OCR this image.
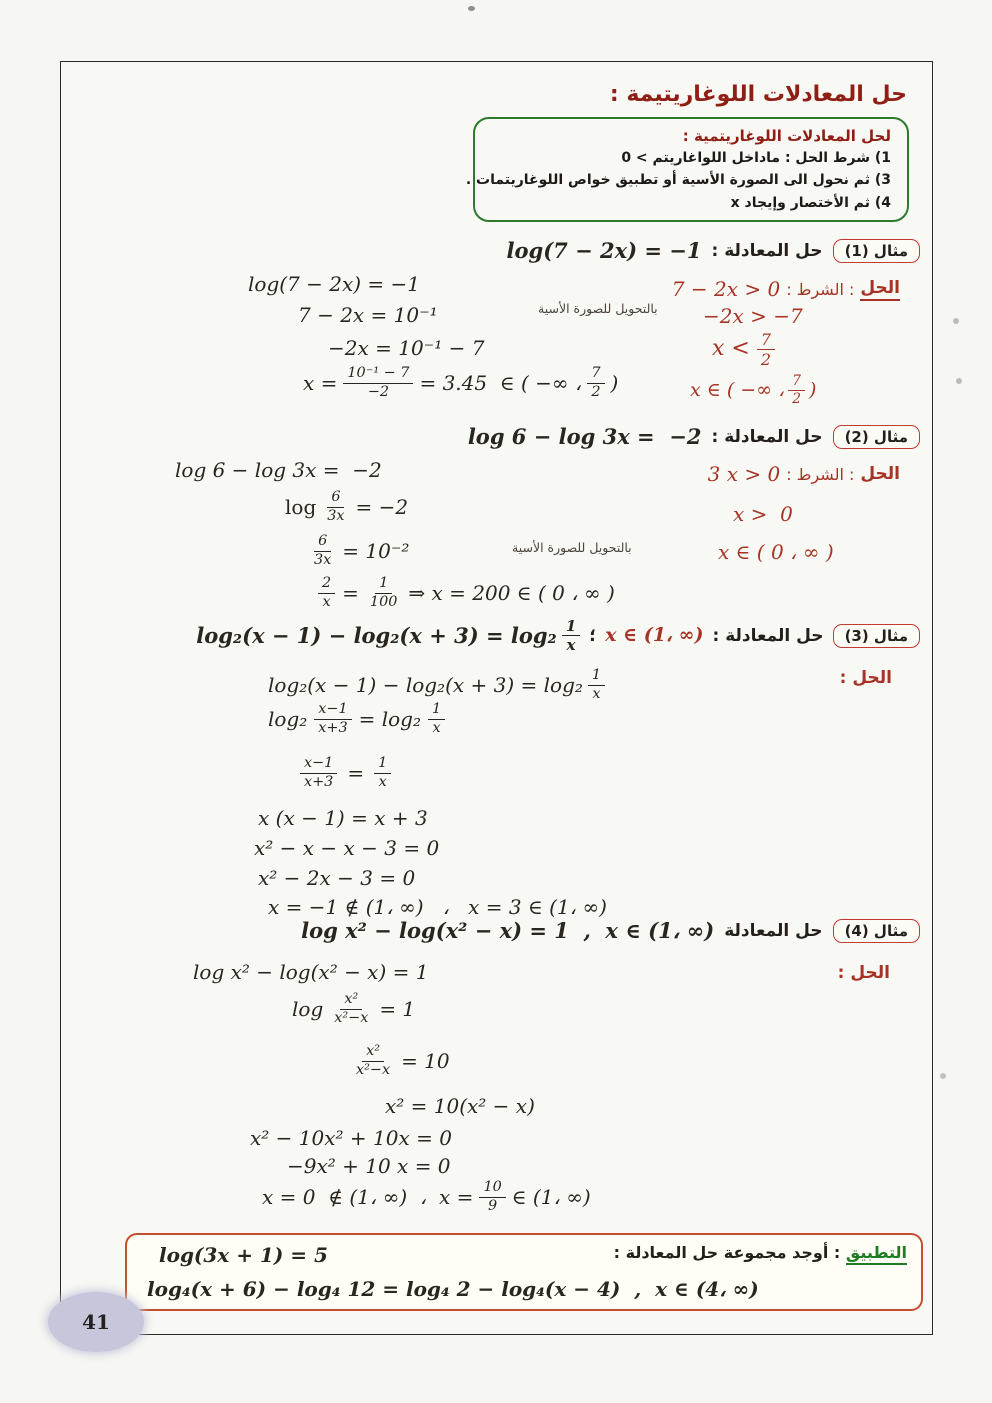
حل المعادلات اللوغاريتيمة :
لحل المعادلات اللوغاريتمية :
1) شرط الحل : ماداخل اللواغاريتم > 0
3) ثم نحول الى الصورة الأسية أو تطبيق خواص اللوغاريتمات .
4) ثم الأختصار وإيجاد x
مثال (1)
حل المعادلة :
log(7 − 2x) = −1
الحل
: الشرط :
7 − 2x > 0
−2x > −7
$x < \frac{7}{2}$
x ∈ ( −∞ ،‎ $\frac{7}{2}$ )
log(7 − 2x) = −1
7 − 2x = 10⁻¹	بالتحويل للصورة الأسية
−2x = 10⁻¹ − 7
$x = \frac{\text{10⁻¹ − 7}}{-2} = 3.45$  ∈ ( −∞ ،‎ $\frac{7}{2}$ )
مثال (2)
حل المعادلة :
log 6 − log 3x =  −2
الحل
: الشرط :
3 x > 0
x >  0
x ∈ ( 0 ،‎ ∞ )
log 6 − log 3x =  −2
$\log \frac{6}{3x} = -2$
$\frac{6}{3x} = 10^{-2}$	بالتحويل للصورة الأسية
$\frac{2}{x} = \frac{1}{100}$ ⇒ x = 200 ∈ ( 0 ،‎ ∞ )
مثال (3)
حل المعادلة :
x ∈ (1،‎ ∞)
؛
$\log_2(x - 1) - \log_2(x + 3) = \log_2 \frac{1}{x}$
الحل :
$\log_2(x - 1) - \log_2(x + 3) = \log_2 \frac{1}{x}$
$\log_2 \frac{x-1}{x+3} = \log_2 \frac{1}{x}$
$\frac{x-1}{x+3} = \frac{1}{x}$
x (x − 1) = x + 3
x² − x − x − 3 = 0
x² − 2x − 3 = 0
x = −1 ∉ (1،‎ ∞)   ،‎   x = 3 ∈ (1،‎ ∞)
مثال (4)
حل المعادلة
log x² − log(x² − x) = 1  ,  x ∈ (1،‎ ∞)
الحل :
log x² − log(x² − x) = 1
$\log \frac{\text{x²}}{\text{x²−x}} = 1$
$\frac{\text{x²}}{\text{x²−x}} = 10$
x² = 10(x² − x)
x² − 10x² + 10x = 0
−9x² + 10 x = 0
x = 0  ∉ (1،‎ ∞)  ،‎  $x = \frac{10}{9}$ ∈ (1،‎ ∞)
التطبيق : أوجد مجموعة حل المعادلة :
log(3x + 1) = 5
log₄(x + 6) − log₄ 12 = log₄ 2 − log₄(x − 4)  ,  x ∈ (4،‎ ∞)
41
